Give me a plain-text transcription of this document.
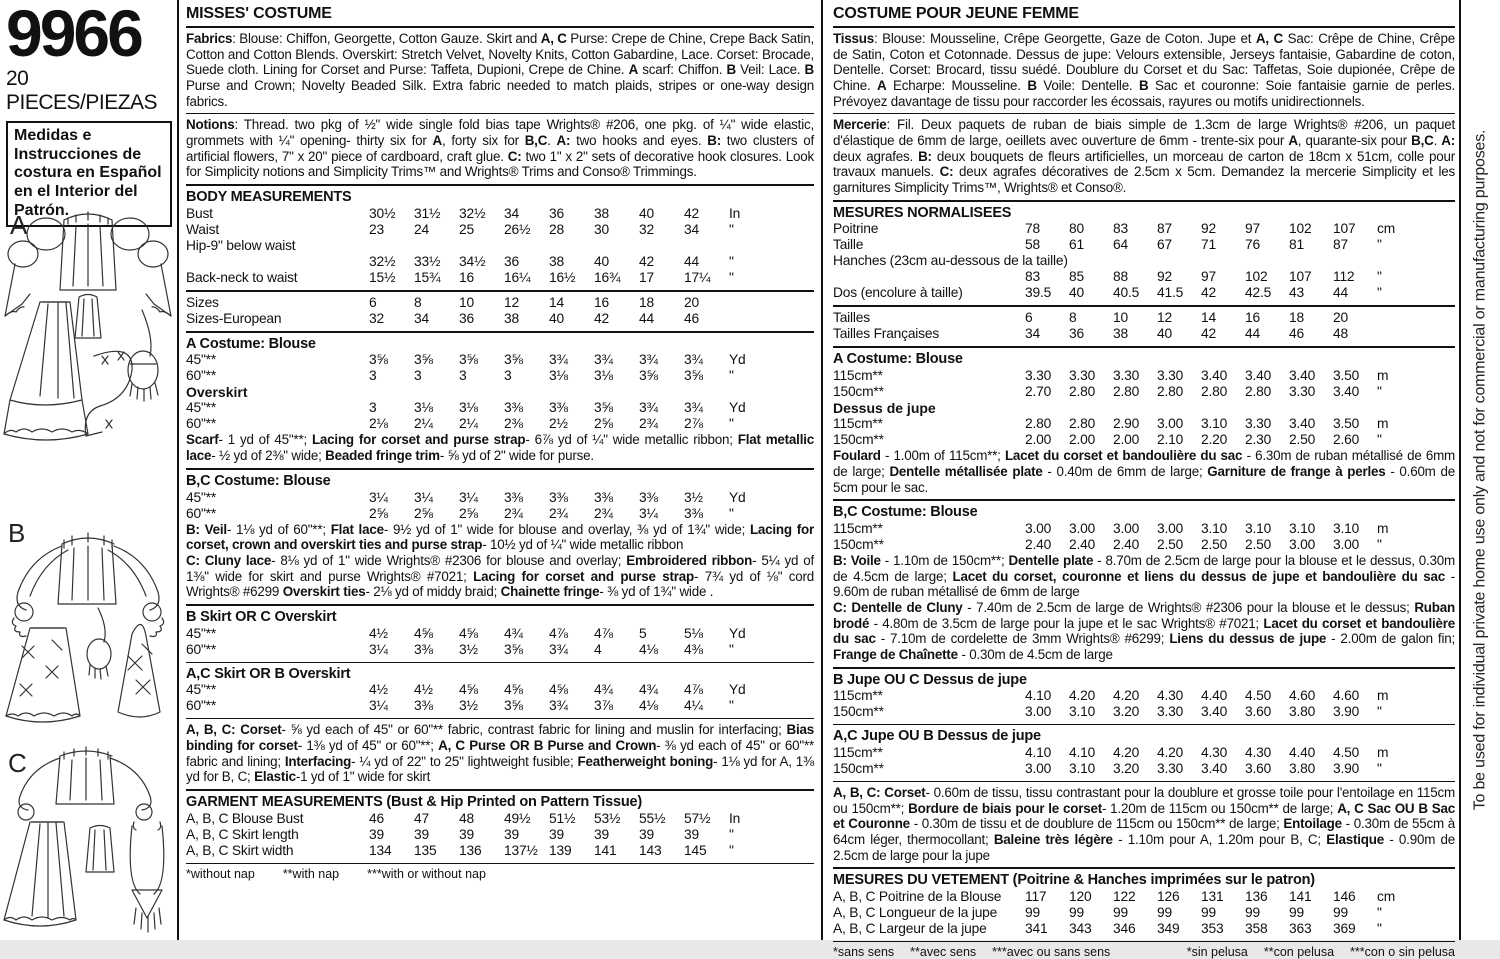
9966
20 PIECES/PIEZAS
Medidas e Instrucciones de costura en Español en el Interior del Patrón.
A
B
C
MISSES' COSTUME
Fabrics: Blouse: Chiffon, Georgette, Cotton Gauze. Skirt and A, C Purse: Crepe de Chine, Crepe Back Satin, Cotton and Cotton Blends. Overskirt: Stretch Velvet, Novelty Knits, Cotton Gabardine, Lace. Corset: Brocade, Suede cloth. Lining for Corset and Purse: Taffeta, Dupioni, Crepe de Chine. A scarf: Chiffon. B Veil: Lace. B Purse and Crown; Novelty Beaded Silk. Extra fabric needed to match plaids, stripes or one-way design fabrics.
Notions: Thread. two pkg of ½" wide single fold bias tape Wrights® #206, one pkg. of ¼" wide elastic, grommets with ¼" opening- thirty six for A, forty six for B,C. A: two hooks and eyes. B: two clusters of artificial flowers, 7" x 20" piece of cardboard, craft glue. C: two 1" x 2" sets of decorative hook closures. Look for Simplicity notions and Simplicity Trims™ and Wrights® Trims and Conso® Trimmings.
BODY MEASUREMENTS
Bust	30½	31½	32½	34	36	38	40	42	In
Waist	23	24	25	26½	28	30	32	34	"
Hip-9" below waist
32½	33½	34½	36	38	40	42	44	"
Back-neck to waist	15½	15¾	16	16¼	16½	16¾	17	17¼	"
Sizes	6	8	10	12	14	16	18	20
Sizes-European	32	34	36	38	40	42	44	46
A Costume: Blouse
45"**	3⅝	3⅝	3⅝	3⅝	3¾	3¾	3¾	3¾	Yd
60"**	3	3	3	3	3⅛	3⅛	3⅝	3⅝	"
Overskirt
45"**	3	3⅛	3⅛	3⅜	3⅜	3⅝	3¾	3¾	Yd
60"**	2⅛	2¼	2¼	2⅜	2½	2⅝	2¾	2⅞	"
Scarf- 1 yd of 45"**; Lacing for corset and purse strap- 6⅞ yd of ¼" wide metallic ribbon; Flat metallic lace- ½ yd of 2⅜" wide; Beaded fringe trim- ⅝ yd of 2" wide for purse.
B,C Costume: Blouse
45"**	3¼	3¼	3¼	3⅜	3⅜	3⅜	3⅜	3½	Yd
60"**	2⅝	2⅝	2⅝	2¾	2¾	2¾	3¼	3⅜	"
B: Veil- 1⅛ yd of 60"**; Flat lace- 9½ yd of 1" wide for blouse and overlay, ⅜ yd of 1¾" wide; Lacing for corset, crown and overskirt ties and purse strap- 10½ yd of ¼" wide metallic ribbon
C: Cluny lace- 8⅛ yd of 1" wide Wrights® #2306 for blouse and overlay; Embroidered ribbon- 5¼ yd of 1⅜" wide for skirt and purse Wrights® #7021; Lacing for corset and purse strap- 7¾ yd of ⅛" cord Wrights® #6299 Overskirt ties- 2⅛ yd of middy braid; Chainette fringe- ⅜ yd of 1¾" wide .
B Skirt OR C Overskirt
45"**	4½	4⅝	4⅝	4¾	4⅞	4⅞	5	5⅛	Yd
60"**	3¼	3⅜	3½	3⅝	3¾	4	4⅛	4⅜	"
A,C Skirt OR B Overskirt
45"**	4½	4½	4⅝	4⅝	4⅝	4¾	4¾	4⅞	Yd
60"**	3¼	3⅜	3½	3⅝	3¾	3⅞	4⅛	4¼	"
A, B, C: Corset- ⅝ yd each of 45" or 60"** fabric, contrast fabric for lining and muslin for interfacing; Bias binding for corset- 1⅜ yd of 45" or 60"**; A, C Purse OR B Purse and Crown- ⅜ yd each of 45" or 60"** fabric and lining; Interfacing- ¼ yd of 22" to 25" lightweight fusible; Featherweight boning- 1⅛ yd for A, 1⅜ yd for B, C; Elastic-1 yd of 1" wide for skirt
GARMENT MEASUREMENTS (Bust & Hip Printed on Pattern Tissue)
A, B, C Blouse Bust	46	47	48	49½	51½	53½	55½	57½	In
A, B, C Skirt length	39	39	39	39	39	39	39	39	"
A, B, C Skirt width	134	135	136	137½ 139	141	143	145	"
*without nap **with nap ***with or without nap
COSTUME POUR JEUNE FEMME
Tissus: Blouse: Mousseline, Crêpe Georgette, Gaze de Coton. Jupe et A, C Sac: Crêpe de Chine, Crêpe de Satin, Coton et Cotonnade. Dessus de jupe: Velours extensible, Jerseys fantaisie, Gabardine de coton, Dentelle. Corset: Brocard, tissu suédé. Doublure du Corset et du Sac: Taffetas, Soie dupionée, Crêpe de Chine. A Echarpe: Mousseline. B Voile: Dentelle. B Sac et couronne: Soie fantaisie garnie de perles. Prévoyez davantage de tissu pour raccorder les écossais, rayures ou motifs unidirectionnels.
Mercerie: Fil. Deux paquets de ruban de biais simple de 1.3cm de large Wrights® #206, un paquet d'élastique de 6mm de large, oeillets avec ouverture de 6mm - trente-six pour A, quarante-six pour B,C. A: deux agrafes. B: deux bouquets de fleurs artificielles, un morceau de carton de 18cm x 51cm, colle pour travaux manuels. C: deux agrafes décoratives de 2.5cm x 5cm. Demandez la mercerie Simplicity et les garnitures Simplicity Trims™, Wrights® et Conso®.
MESURES NORMALISEES
Poitrine	78	80	83	87	92	97	102	107	cm
Taille	58	61	64	67	71	76	81	87	"
Hanches (23cm au-dessous de la taille)
83	85	88	92	97	102	107	112	"
Dos (encolure à taille)	39.5	40	40.5	41.5	42	42.5	43	44	"
Tailles	6	8	10	12	14	16	18	20
Tailles Françaises	34	36	38	40	42	44	46	48
A Costume: Blouse
115cm**	3.30	3.30	3.30	3.30	3.40	3.40	3.40	3.50	m
150cm**	2.70	2.80	2.80	2.80	2.80	2.80	3.30	3.40	"
Dessus de jupe
115cm**	2.80	2.80	2.90	3.00	3.10	3.30	3.40	3.50	m
150cm**	2.00	2.00	2.00	2.10	2.20	2.30	2.50	2.60	"
Foulard - 1.00m of 115cm**; Lacet du corset et bandoulière du sac - 6.30m de ruban métallisé de 6mm de large; Dentelle métallisée plate - 0.40m de 6mm de large; Garniture de frange à perles - 0.60m de 5cm pour le sac.
B,C Costume: Blouse
115cm**	3.00	3.00	3.00	3.00	3.10	3.10	3.10	3.10	m
150cm**	2.40	2.40	2.40	2.50	2.50	2.50	3.00	3.00	"
B: Voile - 1.10m de 150cm**; Dentelle plate - 8.70m de 2.5cm de large pour la blouse et le dessus, 0.30m de 4.5cm de large; Lacet du corset, couronne et liens du dessus de jupe et bandoulière du sac - 9.60m de ruban métallisé de 6mm de large
C: Dentelle de Cluny - 7.40m de 2.5cm de large de Wrights® #2306 pour la blouse et le dessus; Ruban brodé - 4.80m de 3.5cm de large pour la jupe et le sac Wrights® #7021; Lacet du corset et bandoulière du sac - 7.10m de cordelette de 3mm Wrights® #6299; Liens du dessus de jupe - 2.00m de galon fin; Frange de Chaînette - 0.30m de 4.5cm de large
B Jupe OU C Dessus de jupe
115cm**	4.10	4.20	4.20	4.30	4.40	4.50	4.60	4.60	m
150cm**	3.00	3.10	3.20	3.30	3.40	3.60	3.80	3.90	"
A,C Jupe OU B Dessus de jupe
115cm**	4.10	4.10	4.20	4.20	4.30	4.30	4.40	4.50	m
150cm**	3.00	3.10	3.20	3.30	3.40	3.60	3.80	3.90	"
A, B, C: Corset- 0.60m de tissu, tissu contrastant pour la doublure et grosse toile pour l'entoilage en 115cm ou 150cm**; Bordure de biais pour le corset- 1.20m de 115cm ou 150cm** de large; A, C Sac OU B Sac et Couronne - 0.30m de tissu et de doublure de 115cm ou 150cm** de large; Entoilage - 0.30m de 55cm à 64cm léger, thermocollant; Baleine très légère - 1.10m pour A, 1.20m pour B, C; Elastique - 0.90m de 2.5cm de large pour la jupe
MESURES DU VETEMENT (Poitrine & Hanches imprimées sur le patron)
A, B, C Poitrine de la Blouse	117	120	122	126	131	136	141	146	cm
A, B, C Longueur de la jupe	99	99	99	99	99	99	99	99	"
A, B, C Largeur de la jupe	341	343	346	349	353	358	363	369	"
*sans sens **avec sens ***avec ou sans sens	*sin pelusa **con pelusa ***con o sin pelusa
To be used for individual private home use only and not for commercial or manufacturing purposes.
